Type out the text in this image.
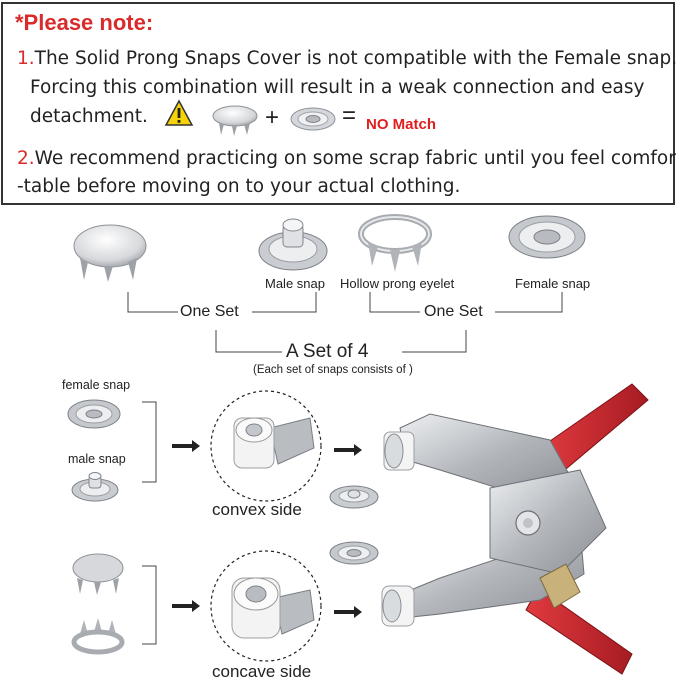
*Please note:
1.The Solid Prong Snaps Cover is not compatible with the Female snap.
Forcing this combination will result in a weak connection and easy
detachment.	+	= NO Match
2.We recommend practicing on some scrap fabric until you feel comfor
-table before moving on to your actual clothing.
Male snap Hollow prong eyelet	Female snap
One Set	One Set
A Set of 4
(Each set of snaps consists of )
female snap
male snap
convex side
concave side
